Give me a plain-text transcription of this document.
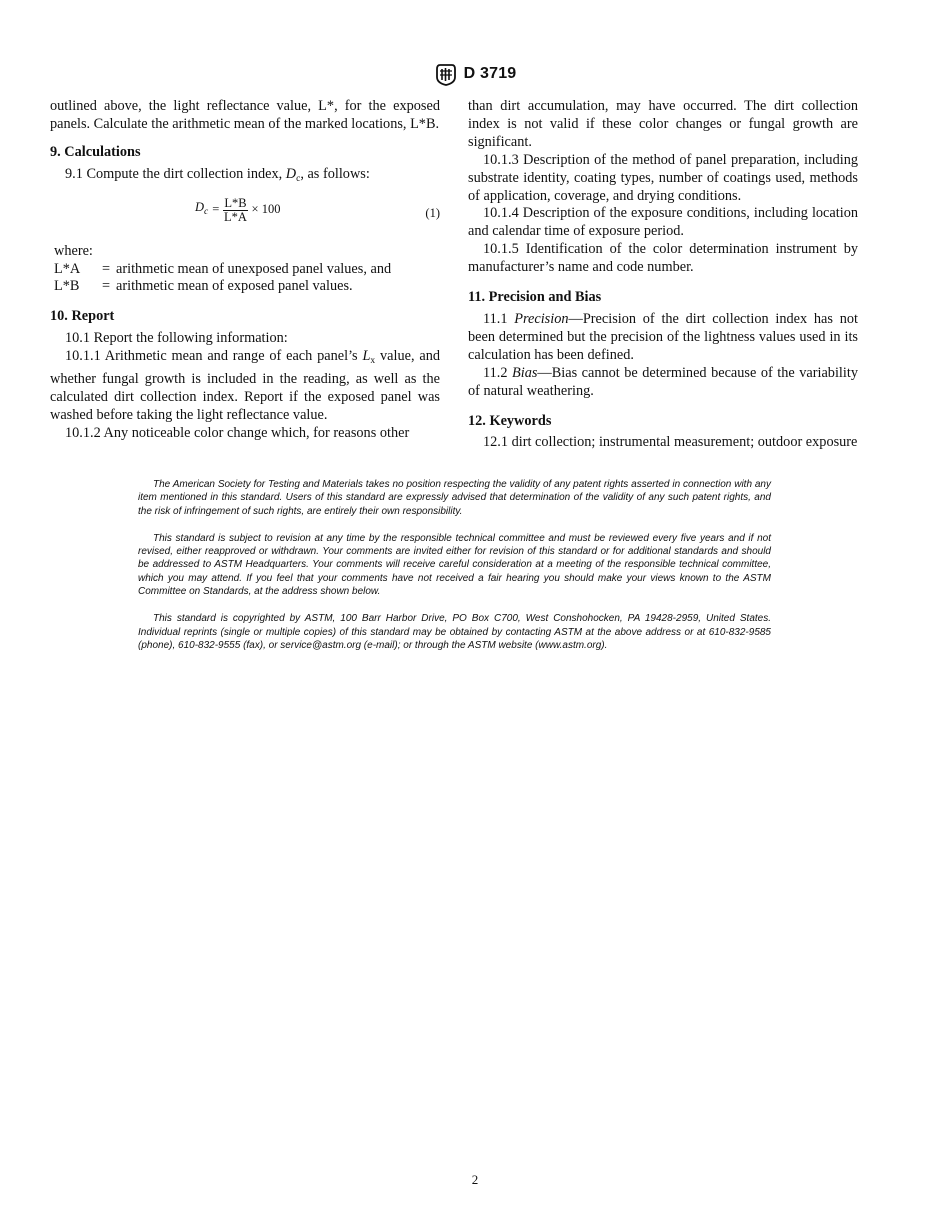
D 3719

outlined above, the light reflectance value, L*, for the exposed panels. Calculate the arithmetic mean of the marked locations, L*B.

9. Calculations

9.1 Compute the dirt collection index, $D_c$, as follows:

$D_c = \frac{L*B}{L*A} \times 100$	(1)

where:

L*A	=	arithmetic mean of unexposed panel values, and
L*B	=	arithmetic mean of exposed panel values.

10. Report

10.1 Report the following information:

10.1.1 Arithmetic mean and range of each panel’s $L_x$ value, and whether fungal growth is included in the reading, as well as the calculated dirt collection index. Report if the exposed panel was washed before taking the light reflectance value.

10.1.2 Any noticeable color change which, for reasons other

than dirt accumulation, may have occurred. The dirt collection index is not valid if these color changes or fungal growth are significant.

10.1.3 Description of the method of panel preparation, including substrate identity, coating types, number of coatings used, methods of application, coverage, and drying conditions.

10.1.4 Description of the exposure conditions, including location and calendar time of exposure period.

10.1.5 Identification of the color determination instrument by manufacturer’s name and code number.

11. Precision and Bias

11.1 Precision—Precision of the dirt collection index has not been determined but the precision of the lightness values used in its calculation has been defined.

11.2 Bias—Bias cannot be determined because of the variability of natural weathering.

12. Keywords

12.1 dirt collection; instrumental measurement; outdoor exposure

The American Society for Testing and Materials takes no position respecting the validity of any patent rights asserted in connection with any item mentioned in this standard. Users of this standard are expressly advised that determination of the validity of any such patent rights, and the risk of infringement of such rights, are entirely their own responsibility.

This standard is subject to revision at any time by the responsible technical committee and must be reviewed every five years and if not revised, either reapproved or withdrawn. Your comments are invited either for revision of this standard or for additional standards and should be addressed to ASTM Headquarters. Your comments will receive careful consideration at a meeting of the responsible technical committee, which you may attend. If you feel that your comments have not received a fair hearing you should make your views known to the ASTM Committee on Standards, at the address shown below.

This standard is copyrighted by ASTM, 100 Barr Harbor Drive, PO Box C700, West Conshohocken, PA 19428-2959, United States. Individual reprints (single or multiple copies) of this standard may be obtained by contacting ASTM at the above address or at 610-832-9585 (phone), 610-832-9555 (fax), or service@astm.org (e-mail); or through the ASTM website (www.astm.org).

2
